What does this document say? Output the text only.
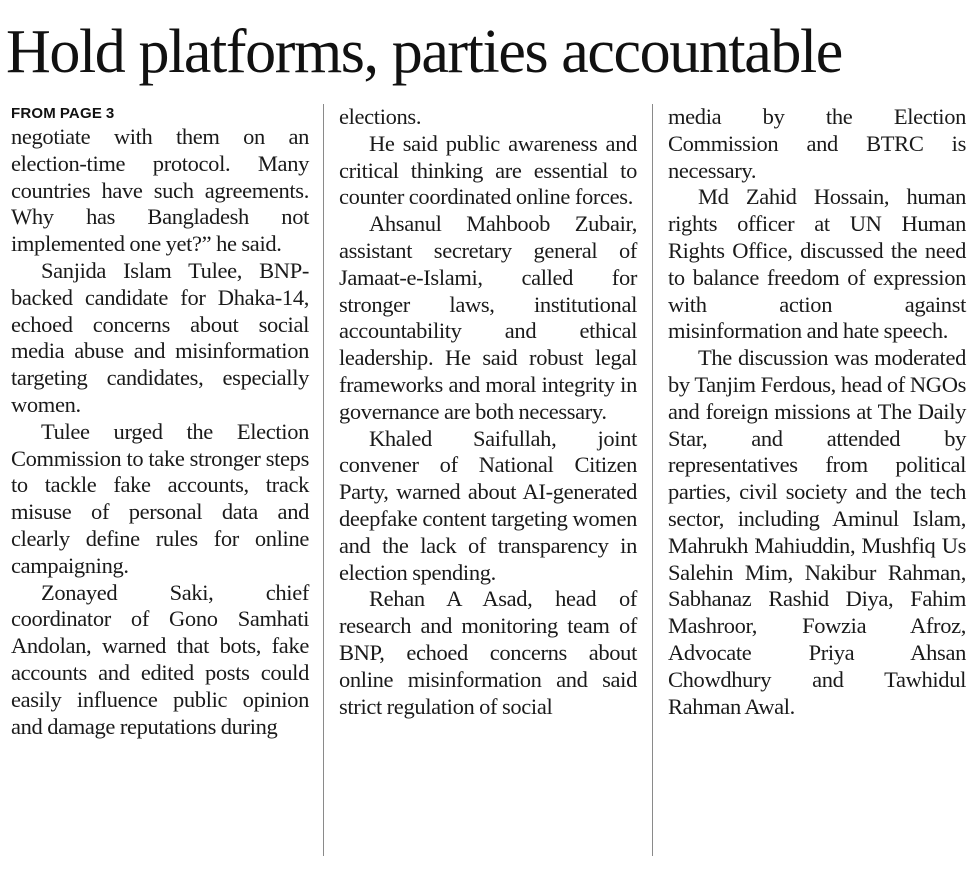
Hold platforms, parties accountable
FROM PAGE 3

negotiate with them on an election-time protocol. Many countries have such agreements. Why has Bangladesh not implemented one yet?” he said.

Sanjida Islam Tulee, BNP-backed candidate for Dhaka-14, echoed concerns about social media abuse and misinformation targeting candidates, especially women.

Tulee urged the Election Commission to take stronger steps to tackle fake accounts, track misuse of personal data and clearly define rules for online campaigning.

Zonayed Saki, chief coordinator of Gono Samhati Andolan, warned that bots, fake accounts and edited posts could easily influence public opinion and damage reputations during

elections.

He said public awareness and critical thinking are essential to counter coordinated online forces.

Ahsanul Mahboob Zubair, assistant secretary general of Jamaat-e-Islami, called for stronger laws, institutional accountability and ethical leadership. He said robust legal frameworks and moral integrity in governance are both necessary.

Khaled Saifullah, joint convener of National Citizen Party, warned about AI-generated deepfake content targeting women and the lack of transparency in election spending.

Rehan A Asad, head of research and monitoring team of BNP, echoed concerns about online misinformation and said strict regulation of social

media by the Election Commission and BTRC is necessary.

Md Zahid Hossain, human rights officer at UN Human Rights Office, discussed the need to balance freedom of expression with action against misinformation and hate speech.

The discussion was moderated by Tanjim Ferdous, head of NGOs and foreign missions at The Daily Star, and attended by representatives from political parties, civil society and the tech sector, including Aminul Islam, Mahrukh Mahiuddin, Mushfiq Us Salehin Mim, Nakibur Rahman, Sabhanaz Rashid Diya, Fahim Mashroor, Fowzia Afroz, Advocate Priya Ahsan Chowdhury and Tawhidul Rahman Awal.
